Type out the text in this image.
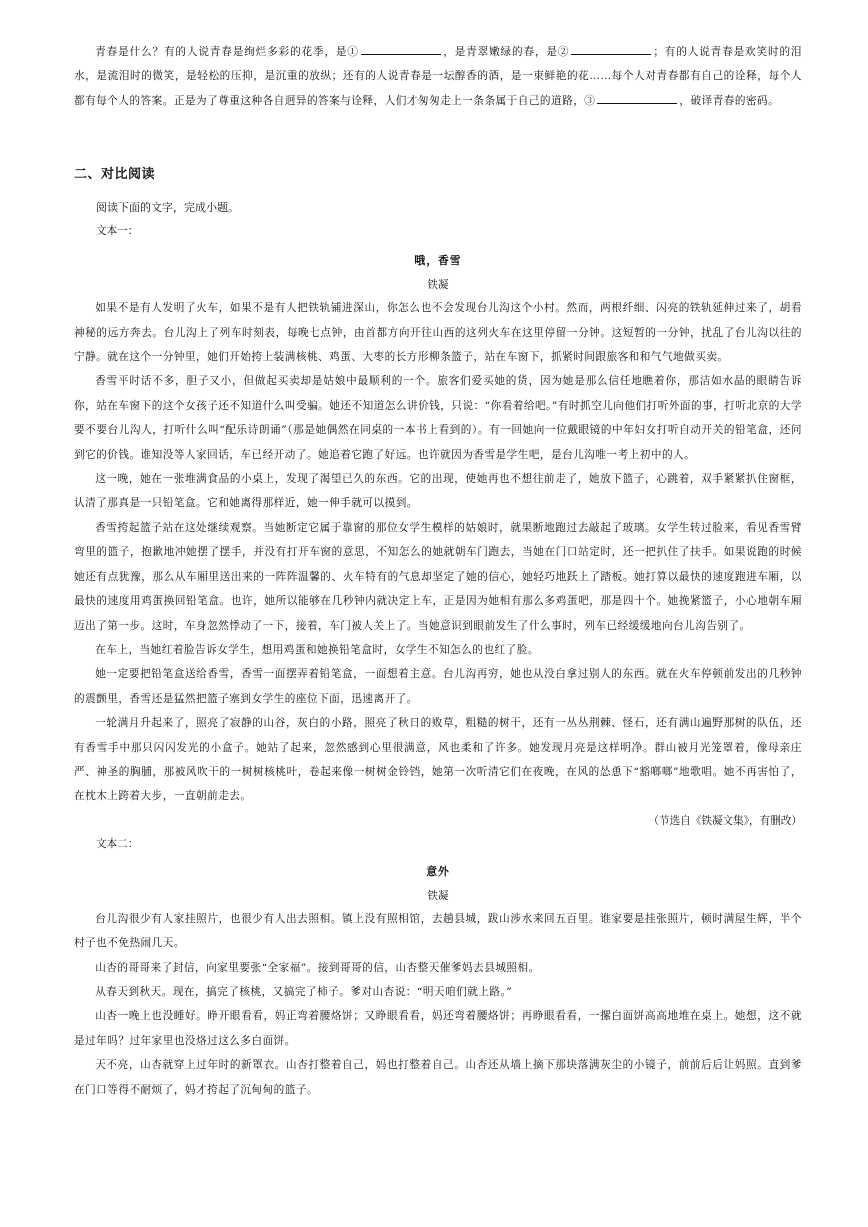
青春是什么？有的人说青春是绚烂多彩的花季，是①	，是青翠嫩绿的春，是②	；有的人说青春是欢笑时的泪水，是流泪时的微笑，是轻松的压抑，是沉重的放纵；还有的人说青春是一坛醇香的酒，是一束鲜艳的花……每个人对青春都有自己的诠释，每个人都有每个人的答案。正是为了尊重这种各自迥异的答案与诠释，人们才匆匆走上一条条属于自己的道路，③	，破译青春的密码。

二、对比阅读

阅读下面的文字，完成小题。

文本一：

哦，香雪

铁凝

如果不是有人发明了火车，如果不是有人把铁轨铺进深山，你怎么也不会发现台儿沟这个小村。然而，两根纤细、闪亮的铁轨延伸过来了，胡看神秘的远方奔去。台儿沟上了列车时刻表，每晚七点钟，由首都方向开往山西的这列火车在这里停留一分钟。这短暂的一分钟，扰乱了台儿沟以往的宁静。就在这个一分钟里，她们开始挎上装满核桃、鸡蛋、大枣的长方形柳条篮子，站在车窗下，抓紧时间跟旅客和和气气地做买卖。

香雪平时话不多，胆子又小，但做起买卖却是姑娘中最顺利的一个。旅客们爱买她的货，因为她是那么信任地瞧着你，那洁如水晶的眼睛告诉你，站在车窗下的这个女孩子还不知道什么叫受骗。她还不知道怎么讲价钱，只说：“你看着给吧。”有时抓空儿向他们打听外面的事，打听北京的大学要不要台儿沟人，打听什么叫“配乐诗朗诵”（那是她偶然在同桌的一本书上看到的）。有一回她向一位戴眼镜的中年妇女打听自动开关的铅笔盒，还问到它的价钱。谁知没等人家回话，车已经开动了。她追着它跑了好远。也许就因为香雪是学生吧，是台儿沟唯一考上初中的人。

这一晚，她在一张堆满食品的小桌上，发现了渴望已久的东西。它的出现，使她再也不想往前走了，她放下篮子，心跳着，双手紧紧扒住窗框，认清了那真是一只铅笔盒。它和她离得那样近，她一伸手就可以摸到。

香雪挎起篮子站在这处继续观察。当她断定它属于靠窗的那位女学生模样的姑娘时，就果断地跑过去敲起了玻璃。女学生转过脸来，看见香雪臂弯里的篮子，抱歉地冲她摆了摆手，并没有打开车窗的意思，不知怎么的她就朝车门跑去，当她在门口站定时，还一把扒住了扶手。如果说跑的时候她还有点犹豫，那么从车厢里送出来的一阵阵温馨的、火车特有的气息却坚定了她的信心，她轻巧地跃上了踏板。她打算以最快的速度跑进车厢，以最快的速度用鸡蛋换回铅笔盒。也许，她所以能够在几秒钟内就决定上车，正是因为她相有那么多鸡蛋吧，那是四十个。她挽紧篮子，小心地朝车厢迈出了第一步。这时，车身忽然悸动了一下，接着，车门被人关上了。当她意识到眼前发生了什么事时，列车已经缓缓地向台儿沟告别了。

在车上，当她红着脸告诉女学生，想用鸡蛋和她换铅笔盒时，女学生不知怎么的也红了脸。

她一定要把铅笔盒送给香雪，香雪一面摆弄着铅笔盒，一面想着主意。台儿沟再穷，她也从没白拿过别人的东西。就在火车停顿前发出的几秒钟的震颤里，香雪还是猛然把篮子塞到女学生的座位下面，迅速离开了。

一轮满月升起来了，照亮了寂静的山谷，灰白的小路，照亮了秋日的败草，粗糙的树干，还有一丛丛荆棘、怪石，还有满山遍野那树的队伍，还有香雪手中那只闪闪发光的小盒子。她站了起来，忽然感到心里很满意，风也柔和了许多。她发现月亮是这样明净。群山被月光笼罩着，像母亲庄严、神圣的胸脯，那被风吹干的一树树核桃叶，卷起来像一树树金铃铛，她第一次听清它们在夜晚，在风的怂恿下“豁啷啷”地歌唱。她不再害怕了，在枕木上跨着大步，一直朝前走去。

（节选自《铁凝文集》，有删改）

文本二：

意外

铁凝

台儿沟很少有人家挂照片，也很少有人出去照相。镇上没有照相馆，去趟县城，跋山涉水来回五百里。谁家要是挂张照片，顿时满屋生辉，半个村子也不免热闹几天。

山杏的哥哥来了封信，向家里要张“全家福”。接到哥哥的信，山杏整天催爹妈去县城照相。

从春天到秋天。现在，搞完了核桃，又搞完了柿子。爹对山杏说：“明天咱们就上路。”

山杏一晚上也没睡好。睁开眼看看，妈正弯着腰烙饼；又睁眼看看，妈还弯着腰烙饼；再睁眼看看，一摞白面饼高高地堆在桌上。她想，这不就是过年吗？过年家里也没烙过这么多白面饼。

天不亮，山杏就穿上过年时的新罩衣。山杏打整着自己，妈也打整着自己。山杏还从墙上摘下那块落满灰尘的小镜子，前前后后让妈照。直到爹在门口等得不耐烦了，妈才挎起了沉甸甸的篮子。
